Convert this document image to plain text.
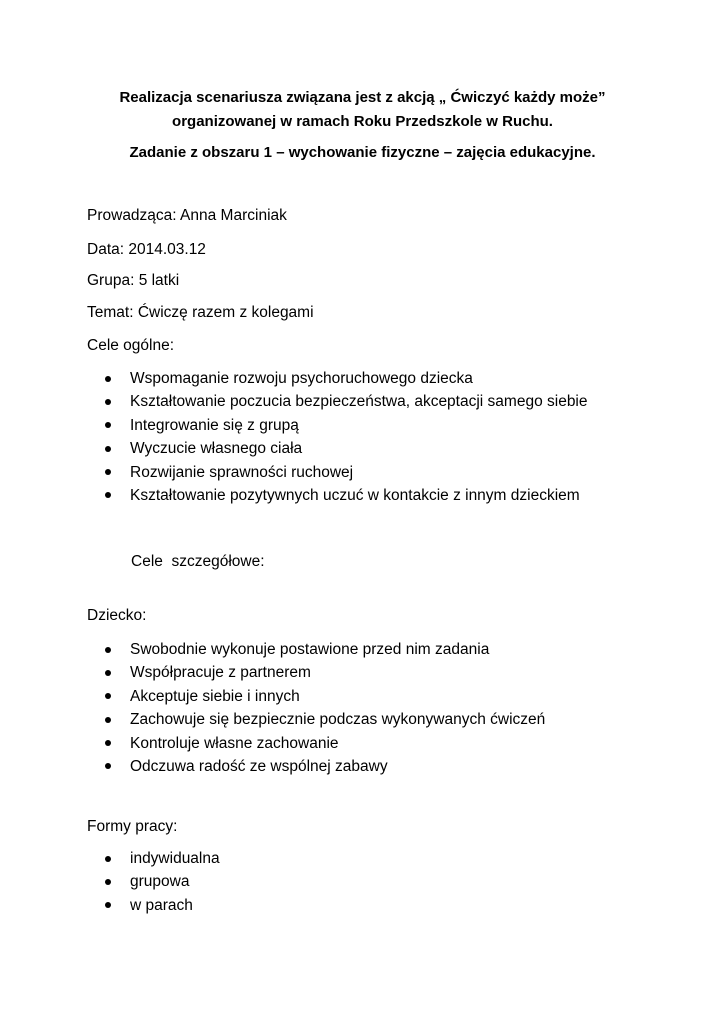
Realizacja scenariusza związana jest z akcją „ Ćwiczyć każdy może”
organizowanej w ramach Roku Przedszkole w Ruchu.
Zadanie z obszaru 1 – wychowanie fizyczne – zajęcia edukacyjne.
Prowadząca: Anna Marciniak
Data: 2014.03.12
Grupa: 5 latki
Temat: Ćwiczę razem z kolegami
Cele ogólne:
Wspomaganie rozwoju psychoruchowego dziecka
Kształtowanie poczucia bezpieczeństwa, akceptacji samego siebie
Integrowanie się z grupą
Wyczucie własnego ciała
Rozwijanie sprawności ruchowej
Kształtowanie pozytywnych uczuć w kontakcie z innym dzieckiem
Cele  szczegółowe:
Dziecko:
Swobodnie wykonuje postawione przed nim zadania
Współpracuje z partnerem
Akceptuje siebie i innych
Zachowuje się bezpiecznie podczas wykonywanych ćwiczeń
Kontroluje własne zachowanie
Odczuwa radość ze wspólnej zabawy
Formy pracy:
indywidualna
grupowa
w parach
